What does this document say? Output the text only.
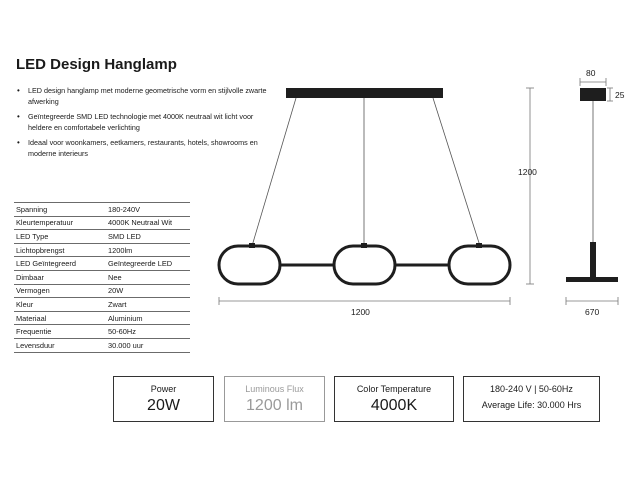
LED Design Hanglamp
• LED design hanglamp met moderne geometrische vorm en stijlvolle zwarte afwerking
• Geïntegreerde SMD LED technologie met 4000K neutraal wit licht voor heldere en comfortabele verlichting
• Ideaal voor woonkamers, eetkamers, restaurants, hotels, showrooms en moderne interieurs
Spanning	180-240V
Kleurtemperatuur	4000K Neutraal Wit
LED Type	SMD LED
Lichtopbrengst	1200lm
LED Geïntegreerd	Geïntegreerde LED
Dimbaar	Nee
Vermogen	20W
Kleur	Zwart
Materiaal	Aluminium
Frequentie	50-60Hz
Levensduur	30.000 uur
1200
1200
80
25
670
Power
20W
Luminous Flux
1200 lm
Color Temperature
4000K
180-240 V | 50-60Hz
Average Life: 30.000 Hrs
